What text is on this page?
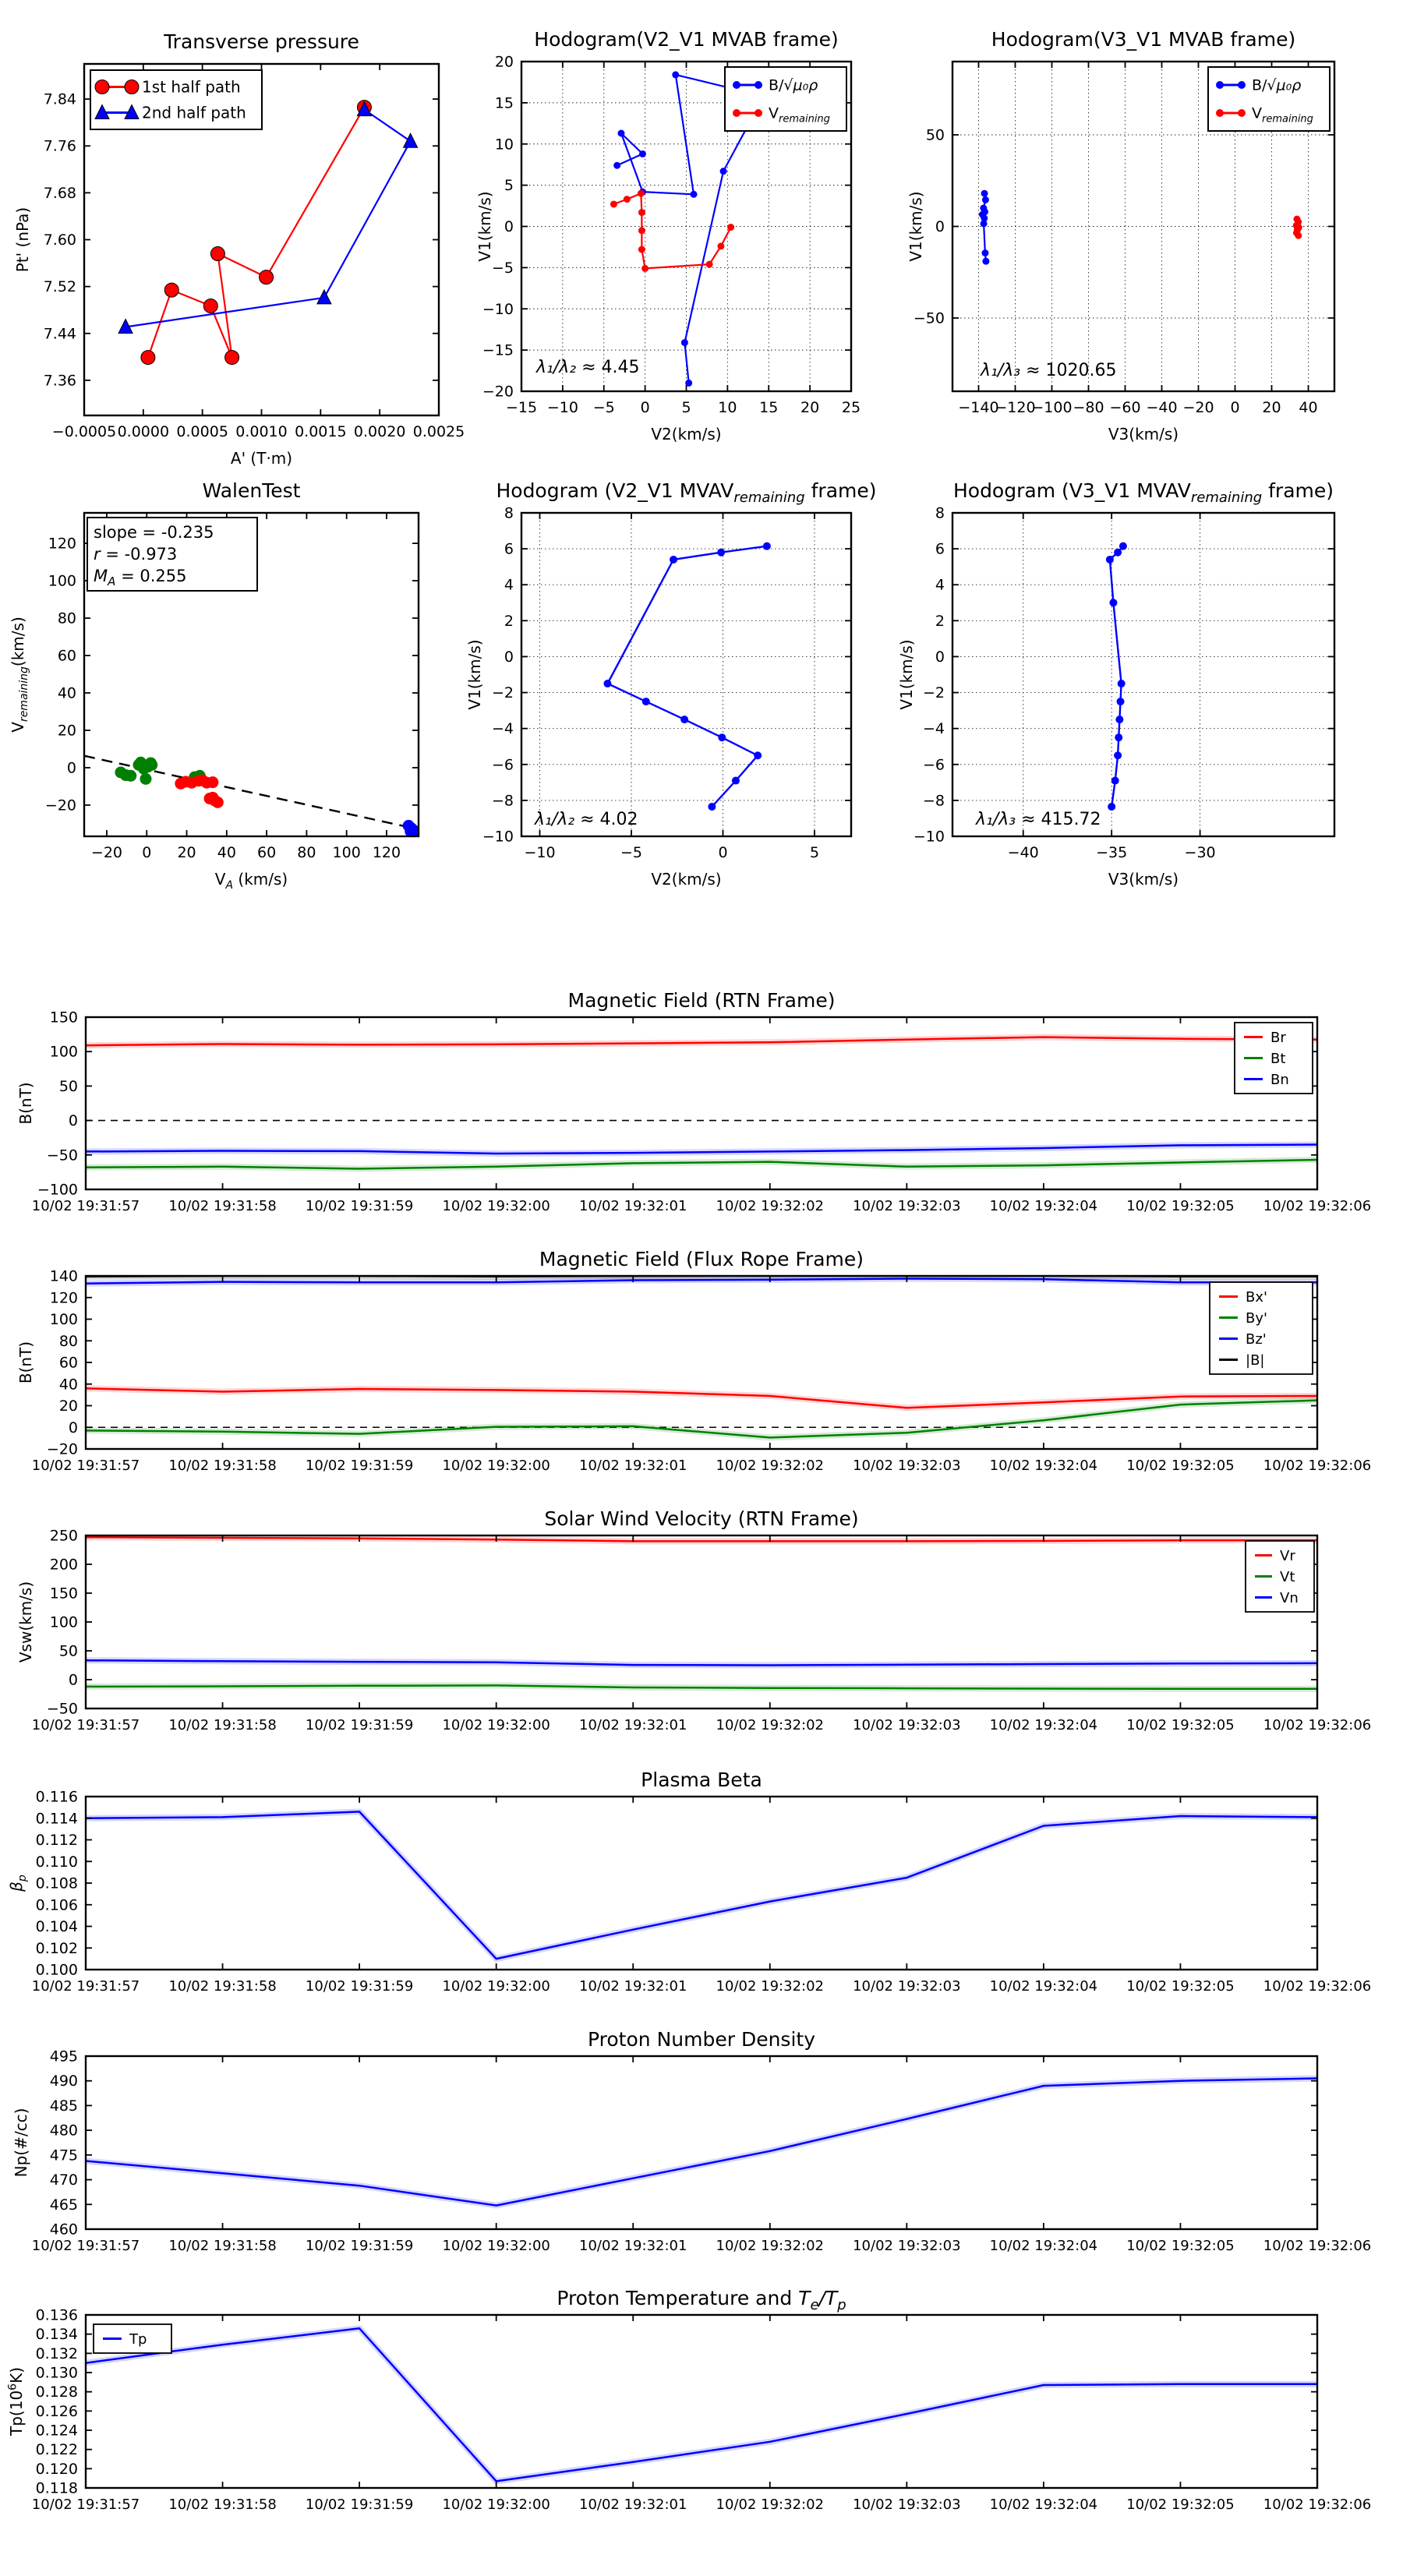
−0.0005 0.0000 0.0005 0.0010 0.0015 0.0020 0.0025
7.36
7.44
7.52
7.60
7.68
7.76
7.84
Transverse pressure
A' (T·m)
Pt' (nPa)
1st half path
2nd half path
−15 −10 −5 0 5 10 15 20 25
−20
−15
−10
−5
0
5
10
15
20
Hodogram(V2_V1 MVAB frame)
V2(km/s)
V1(km/s)
λ₁/λ₂ ≈ 4.45
B/√μ₀ρ
$V_{remaining}$
−140
−120
−100 −80 −60 −40 −20 0 20 40
−50
0
50
Hodogram(V3_V1 MVAB frame)
V3(km/s)
V1(km/s)
λ₁/λ₃ ≈ 1020.65
B/√μ₀ρ
$V_{remaining}$
−20 0 20 40 60 80 100 120
−20
0
20
40
60
80
100
120
WalenTest
$V_A$ (km/s)
$V_{remaining}(km/s)$
slope = -0.235
r = -0.973
$M_A = 0.255$
−10	−5	0	5
−10
−8
−6
−4
−2
0
2
4
6
8
Hodogram (V2_V1 $MVAV_{remaining}$ frame)
V2(km/s)
V1(km/s)
λ₁/λ₂ ≈ 4.02
−40	−35	−30
−10
−8
−6
−4
−2
0
2
4
6
8
Hodogram (V3_V1 $MVAV_{remaining}$ frame)
V3(km/s)
V1(km/s)
λ₁/λ₃ ≈ 415.72
10/02 19:31:57 10/02 19:31:58 10/02 19:31:59 10/02 19:32:00 10/02 19:32:01 10/02 19:32:02 10/02 19:32:03 10/02 19:32:04 10/02 19:32:05 10/02 19:32:06
−100
−50
0
50
100
150
Magnetic Field (RTN Frame)
B(nT)
Br
Bt
Bn
10/02 19:31:57 10/02 19:31:58 10/02 19:31:59 10/02 19:32:00 10/02 19:32:01 10/02 19:32:02 10/02 19:32:03 10/02 19:32:04 10/02 19:32:05 10/02 19:32:06
−20
0
20
40
60
80
100
120
140
Magnetic Field (Flux Rope Frame)
B(nT)
Bx'
By'
Bz'
|B|
10/02 19:31:57 10/02 19:31:58 10/02 19:31:59 10/02 19:32:00 10/02 19:32:01 10/02 19:32:02 10/02 19:32:03 10/02 19:32:04 10/02 19:32:05 10/02 19:32:06
−50
0
50
100
150
200
250
Solar Wind Velocity (RTN Frame)
Vsw(km/s)
Vr
Vt
Vn
10/02 19:31:57 10/02 19:31:58 10/02 19:31:59 10/02 19:32:00 10/02 19:32:01 10/02 19:32:02 10/02 19:32:03 10/02 19:32:04 10/02 19:32:05 10/02 19:32:06
0.100
0.102
0.104
0.106
0.108
0.110
0.112
0.114
0.116
Plasma Beta
$\beta_p$
10/02 19:31:57 10/02 19:31:58 10/02 19:31:59 10/02 19:32:00 10/02 19:32:01 10/02 19:32:02 10/02 19:32:03 10/02 19:32:04 10/02 19:32:05 10/02 19:32:06
460
465
470
475
480
485
490
495
Proton Number Density
Np(#/cc)
10/02 19:31:57 10/02 19:31:58 10/02 19:31:59 10/02 19:32:00 10/02 19:32:01 10/02 19:32:02 10/02 19:32:03 10/02 19:32:04 10/02 19:32:05 10/02 19:32:06
0.118
0.120
0.122
0.124
0.126
0.128
0.130
0.132
0.134
0.136
Proton Temperature and $T_e/T_p$
$Tp(10^6K)$
Tp
